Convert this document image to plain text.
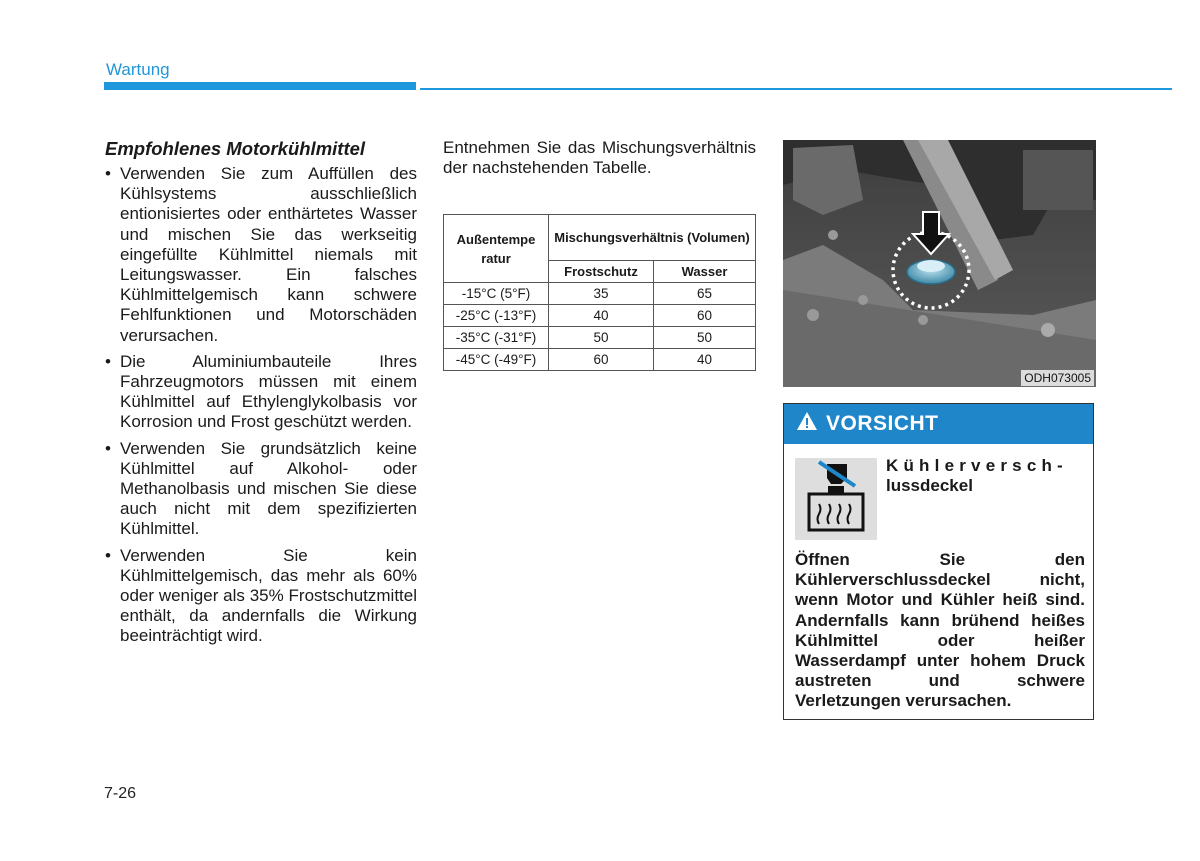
Wartung
Empfohlenes Motorkühlmittel
• Verwenden Sie zum Auffüllen des Kühlsystems ausschließlich entionisiertes oder enthärtetes Wasser und mischen Sie das werkseitig eingefüllte Kühlmittel niemals mit Leitungswasser. Ein falsches Kühlmittelgemisch kann schwere Fehlfunktionen und Motorschäden verursachen.
• Die Aluminiumbauteile Ihres Fahrzeugmotors müssen mit einem Kühlmittel auf Ethylenglykolbasis vor Korrosion und Frost geschützt werden.
• Verwenden Sie grundsätzlich keine Kühlmittel auf Alkohol- oder Methanolbasis und mischen Sie diese auch nicht mit dem spezifizierten Kühlmittel.
• Verwenden Sie kein Kühlmittelgemisch, das mehr als 60% oder weniger als 35% Frostschutzmittel enthält, da andernfalls die Wirkung beeinträchtigt wird.

Entnehmen Sie das Mischungsverhältnis der nachstehenden Tabelle.

Außentempe ratur	Mischungsverhältnis (Volumen)	
	Frostschutz	Wasser
-15°C (5°F)	35	65
-25°C (-13°F)	40	60
-35°C (-31°F)	50	50
-45°C (-49°F)	60	40
ODH073005
VORSICHT
Kühlerversch-
lussdeckel
Öffnen Sie den Kühlerverschlussdeckel nicht, wenn Motor und Kühler heiß sind. Andernfalls kann brühend heißes Kühlmittel oder heißer Wasserdampf unter hohem Druck austreten und schwere Verletzungen verursachen.
7-26
